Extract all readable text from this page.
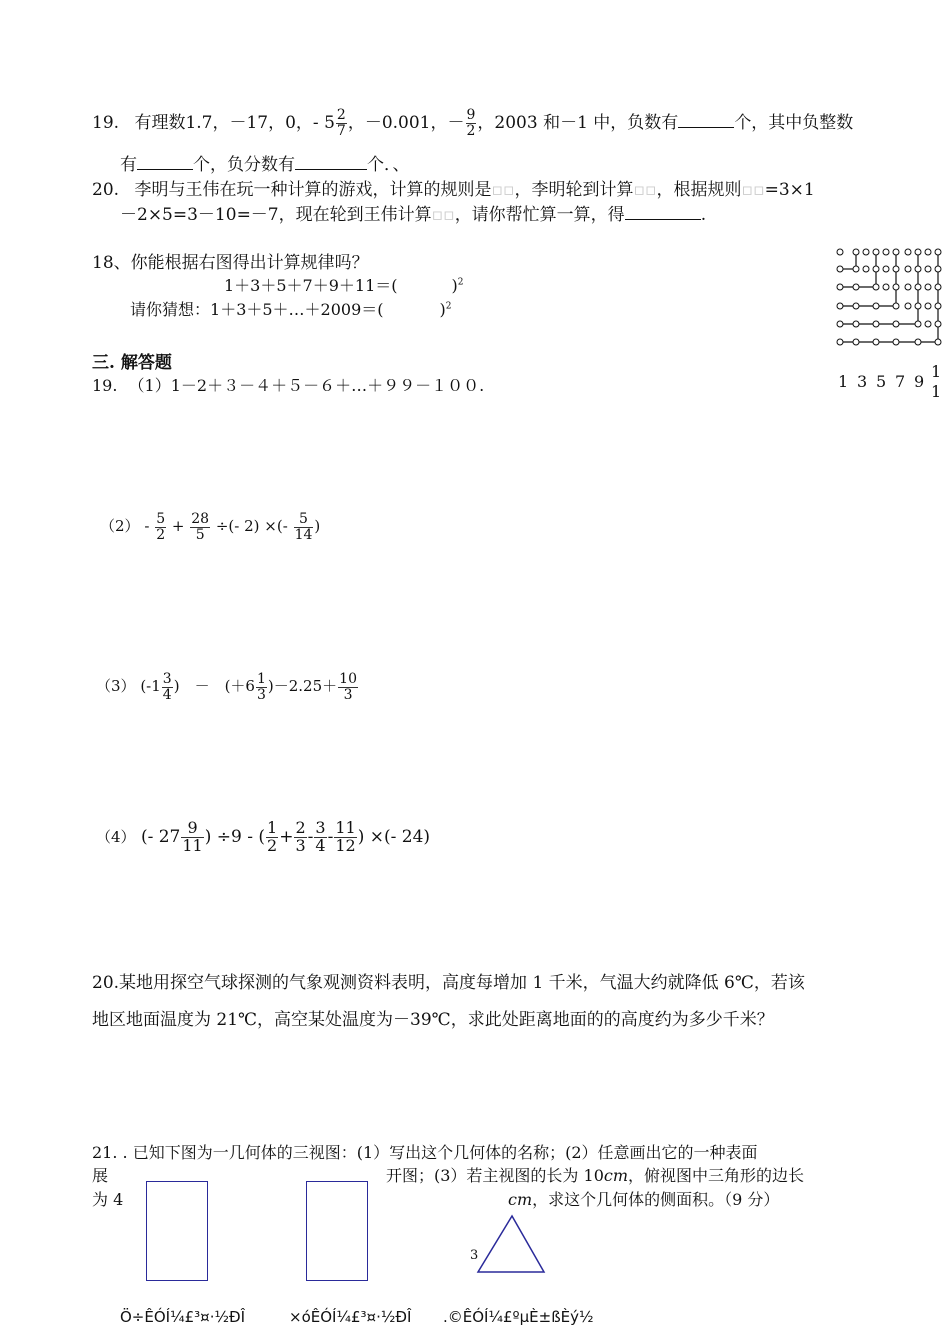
19. 有理数1.7，－17，0，- $5 \frac{2}{7}$ ，－0.001，－ $\frac{9}{2}$ ，2003 和－1 中，负数有	个，其中负整数
有	个，负分数有	个．、
20. 李明与王伟在玩一种计算的游戏，计算的规则是▫▫，李明轮到计算▫▫，根据规则▫▫=3×1
－2×5=3－10=－7，现在轮到王伟计算▫▫，请你帮忙算一算，得	.
18、你能根据右图得出计算规律吗？
1＋3＋5＋7＋9＋11＝(	)$^2$
请你猜想：1＋3＋5＋…＋2009＝(	)$^2$
1 3 5 7 9
1
1
三. 解答题
19. （1）1－2＋３－４＋５－６＋…＋９９－１００.
$(2) - \frac{5}{2} + \frac{28}{5}$ ÷(- 2) ×(- $\frac{5}{14}$ )
（3） ($-1 \frac{3}{4}$ )　－　$(+6 \frac{1}{3} )-2.25+ \frac{10}{3}$
（4） (- $27 \frac{9}{11}$ ) ÷9 - ( $\frac{1}{2} + \frac{2}{3} - \frac{3}{4} - \frac{11}{12}$ ) ×(- 24)
20.某地用探空气球探测的气象观测资料表明，高度每增加 1 千米，气温大约就降低 6℃，若该
地区地面温度为 21℃，高空某处温度为－39℃，求此处距离地面的的高度约为多少千米？
21. . 已知下图为一几何体的三视图：(1）写出这个几何体的名称；(2）任意画出它的一种表面
展	开图；(3）若主视图的长为 10cm，俯视图中三角形的边长
为 4	cm，求这个几何体的侧面积。（9 分）
3
Ö÷ÊÓÍ¼£³¤·½ÐÎ	×óÊÓÍ¼£³¤·½ÐÎ .©ÊÓÍ¼£ºµÈ±ßÈý½
